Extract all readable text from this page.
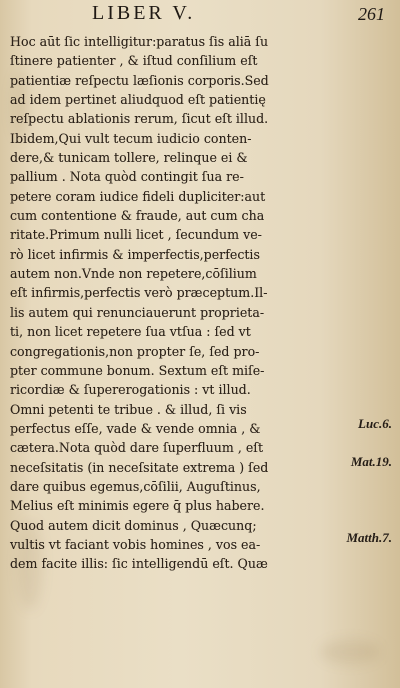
LIBER V.	261
Hoc aūt ſic intelligitur:paratus ſis aliā ſu
ſtinere patienter , & iſtud conſilium eſt
patientiæ reſpectu læſionis corporis.Sed
ad idem pertinet aliudquod eſt patientię
reſpectu ablationis rerum, ſicut eſt illud.
Ibidem,Qui vult tecum iudicio conten-
dere,& tunicam tollere, relinque ei &
pallium . Nota quòd contingit ſua re-
petere coram iudice fideli dupliciter:aut
cum contentione & fraude, aut cum cha
ritate.Primum nulli licet , ſecundum ve-
rò licet infirmis & imperfectis,perfectis
autem non.Vnde non repetere,cōſilium
eſt infirmis,perfectis verò præceptum.Il-
lis autem qui renunciauerunt proprieta-
ti, non licet repetere ſua vtſua : ſed vt
congregationis,non propter ſe, ſed pro-
pter commune bonum. Sextum eſt miſe-
ricordiæ & ſupererogationis : vt illud.
Omni petenti te tribue . & illud, ſi vis
perfectus eſſe, vade & vende omnia , &
cætera.Nota quòd dare ſuperfluum , eſt
neceſsitatis (in neceſsitate extrema ) ſed
dare quibus egemus,cōſilii, Auguſtinus,
Melius eſt minimis egere q̄ plus habere.
Quod autem dicit dominus , Quæcunq;
vultis vt faciant vobis homines , vos ea-
dem facite illis: ſic intelligendū eſt. Quæ
Luc.6.
Mat.19.
Matth.7.
